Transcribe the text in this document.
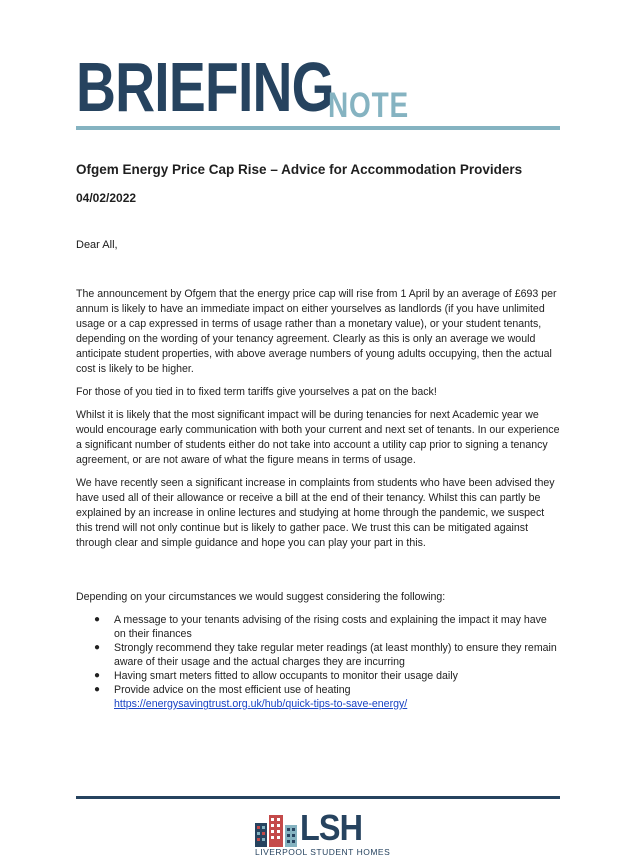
BRIEFING
NOTE
Ofgem Energy Price Cap Rise – Advice for Accommodation Providers
04/02/2022
Dear All,

The announcement by Ofgem that the energy price cap will rise from 1 April by an average of £693 per annum is likely to have an immediate impact on either yourselves as landlords (if you have unlimited usage or a cap expressed in terms of usage rather than a monetary value), or your student tenants, depending on the wording of your tenancy agreement. Clearly as this is only an average we would anticipate student properties, with above average numbers of young adults occupying, then the actual cost is likely to be higher.

For those of you tied in to fixed term tariffs give yourselves a pat on the back!

Whilst it is likely that the most significant impact will be during tenancies for next Academic year we would encourage early communication with both your current and next set of tenants. In our experience a significant number of students either do not take into account a utility cap prior to signing a tenancy agreement, or are not aware of what the figure means in terms of usage.

We have recently seen a significant increase in complaints from students who have been advised they have used all of their allowance or receive a bill at the end of their tenancy. Whilst this can partly be explained by an increase in online lectures and studying at home through the pandemic, we suspect this trend will not only continue but is likely to gather pace. We trust this can be mitigated against through clear and simple guidance and hope you can play your part in this.

Depending on your circumstances we would suggest considering the following:
● A message to your tenants advising of the rising costs and explaining the impact it may have on their finances
● Strongly recommend they take regular meter readings (at least monthly) to ensure they remain aware of their usage and the actual charges they are incurring
● Having smart meters fitted to allow occupants to monitor their usage daily
● Provide advice on the most efficient use of heating
https://energysavingtrust.org.uk/hub/quick-tips-to-save-energy/
LSH
LIVERPOOL STUDENT HOMES
